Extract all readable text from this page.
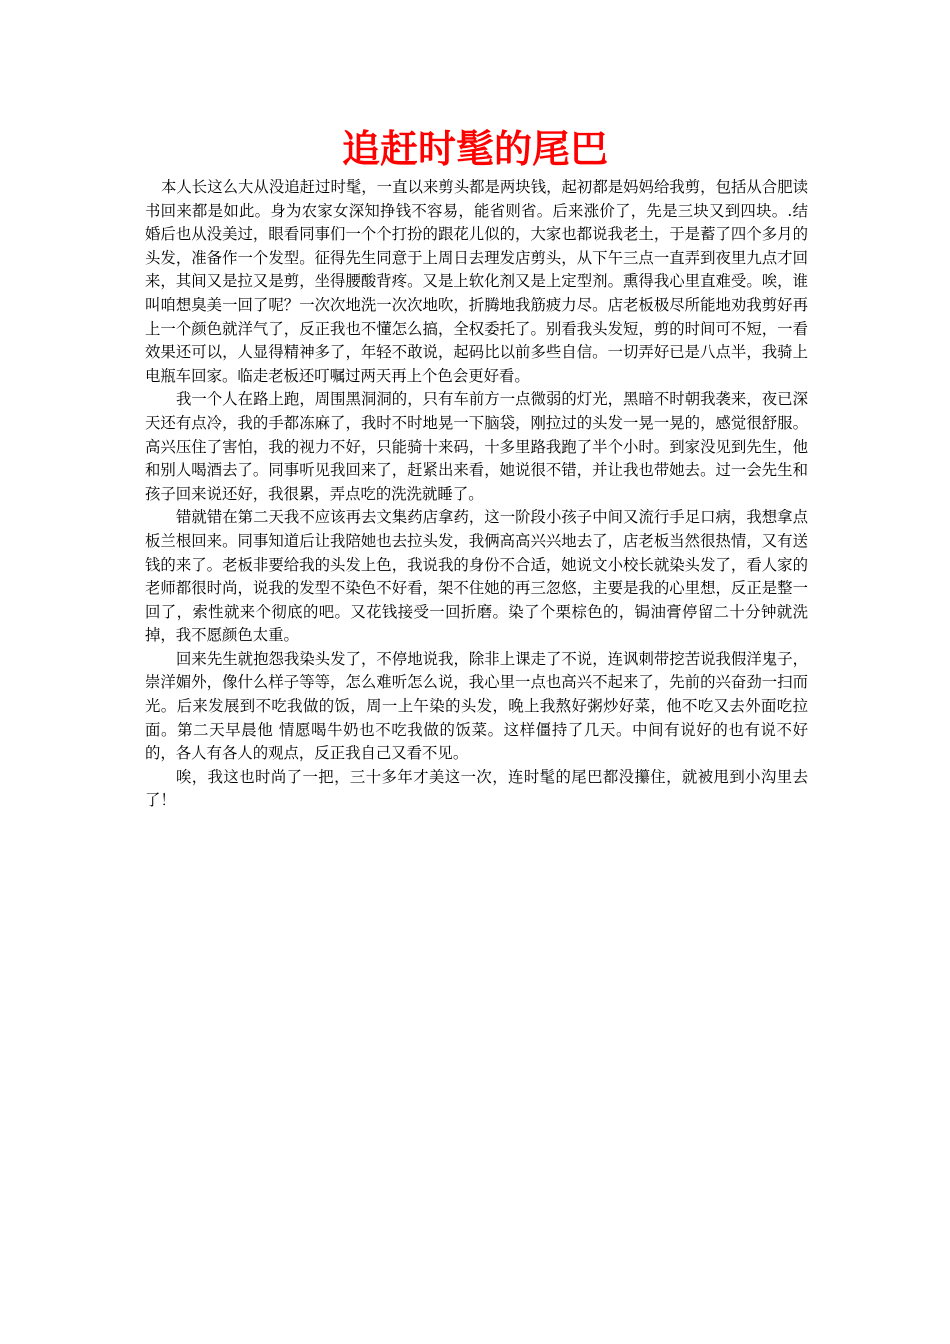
追赶时髦的尾巴

本人长这么大从没追赶过时髦，一直以来剪头都是两块钱，起初都是妈妈给我剪，包括从合肥读书回来都是如此。身为农家女深知挣钱不容易，能省则省。后来涨价了，先是三块又到四块。.结婚后也从没美过，眼看同事们一个个打扮的跟花儿似的，大家也都说我老土，于是蓄了四个多月的头发，准备作一个发型。征得先生同意于上周日去理发店剪头，从下午三点一直弄到夜里九点才回来，其间又是拉又是剪，坐得腰酸背疼。又是上软化剂又是上定型剂。熏得我心里直难受。唉，谁叫咱想臭美一回了呢？一次次地洗一次次地吹，折腾地我筋疲力尽。店老板极尽所能地劝我剪好再上一个颜色就洋气了，反正我也不懂怎么搞，全权委托了。别看我头发短，剪的时间可不短，一看效果还可以，人显得精神多了，年轻不敢说，起码比以前多些自信。一切弄好已是八点半，我骑上电瓶车回家。临走老板还叮嘱过两天再上个色会更好看。

我一个人在路上跑，周围黑洞洞的，只有车前方一点微弱的灯光，黑暗不时朝我袭来，夜已深天还有点冷，我的手都冻麻了，我时不时地晃一下脑袋，刚拉过的头发一晃一晃的，感觉很舒服。高兴压住了害怕，我的视力不好，只能骑十来码，十多里路我跑了半个小时。到家没见到先生，他和别人喝酒去了。同事听见我回来了，赶紧出来看，她说很不错，并让我也带她去。过一会先生和孩子回来说还好，我很累，弄点吃的洗洗就睡了。

错就错在第二天我不应该再去文集药店拿药，这一阶段小孩子中间又流行手足口病，我想拿点板兰根回来。同事知道后让我陪她也去拉头发，我俩高高兴兴地去了，店老板当然很热情，又有送钱的来了。老板非要给我的头发上色，我说我的身份不合适，她说文小校长就染头发了，看人家的老师都很时尚，说我的发型不染色不好看，架不住她的再三忽悠，主要是我的心里想，反正是整一回了，索性就来个彻底的吧。又花钱接受一回折磨。染了个栗棕色的，锔油膏停留二十分钟就洗掉，我不愿颜色太重。

回来先生就抱怨我染头发了，不停地说我，除非上课走了不说，连讽刺带挖苦说我假洋鬼子，崇洋媚外，像什么样子等等，怎么难听怎么说，我心里一点也高兴不起来了，先前的兴奋劲一扫而光。后来发展到不吃我做的饭，周一上午染的头发，晚上我熬好粥炒好菜，他不吃又去外面吃拉面。第二天早晨他 情愿喝牛奶也不吃我做的饭菜。这样僵持了几天。中间有说好的也有说不好的，各人有各人的观点，反正我自己又看不见。

唉，我这也时尚了一把，三十多年才美这一次，连时髦的尾巴都没攥住，就被甩到小沟里去了！
